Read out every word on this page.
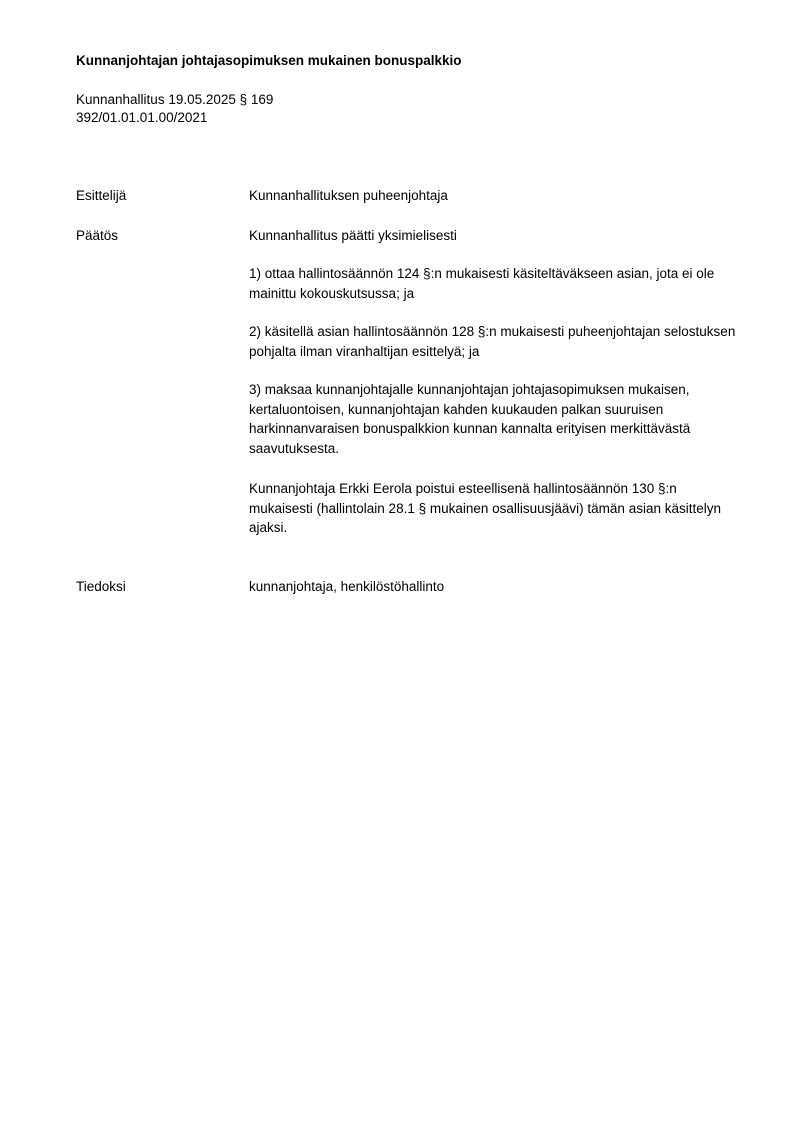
Kunnanjohtajan johtajasopimuksen mukainen bonuspalkkio
Kunnanhallitus 19.05.2025 § 169
392/01.01.01.00/2021
Esittelijä	Kunnanhallituksen puheenjohtaja

Päätös	Kunnanhallitus päätti yksimielisesti

1) ottaa hallintosäännön 124 §:n mukaisesti käsiteltäväkseen asian, jota ei ole mainittu kokouskutsussa; ja

2) käsitellä asian hallintosäännön 128 §:n mukaisesti puheenjohtajan selostuksen pohjalta ilman viranhaltijan esittelyä; ja

3) maksaa kunnanjohtajalle kunnanjohtajan johtajasopimuksen mukaisen, kertaluontoisen, kunnanjohtajan kahden kuukauden palkan suuruisen harkinnanvaraisen bonuspalkkion kunnan kannalta erityisen merkittävästä saavutuksesta.

Kunnanjohtaja Erkki Eerola poistui esteellisenä hallintosäännön 130 §:n mukaisesti (hallintolain 28.1 § mukainen osallisuusjäävi) tämän asian käsittelyn ajaksi.

Tiedoksi	kunnanjohtaja, henkilöstöhallinto
